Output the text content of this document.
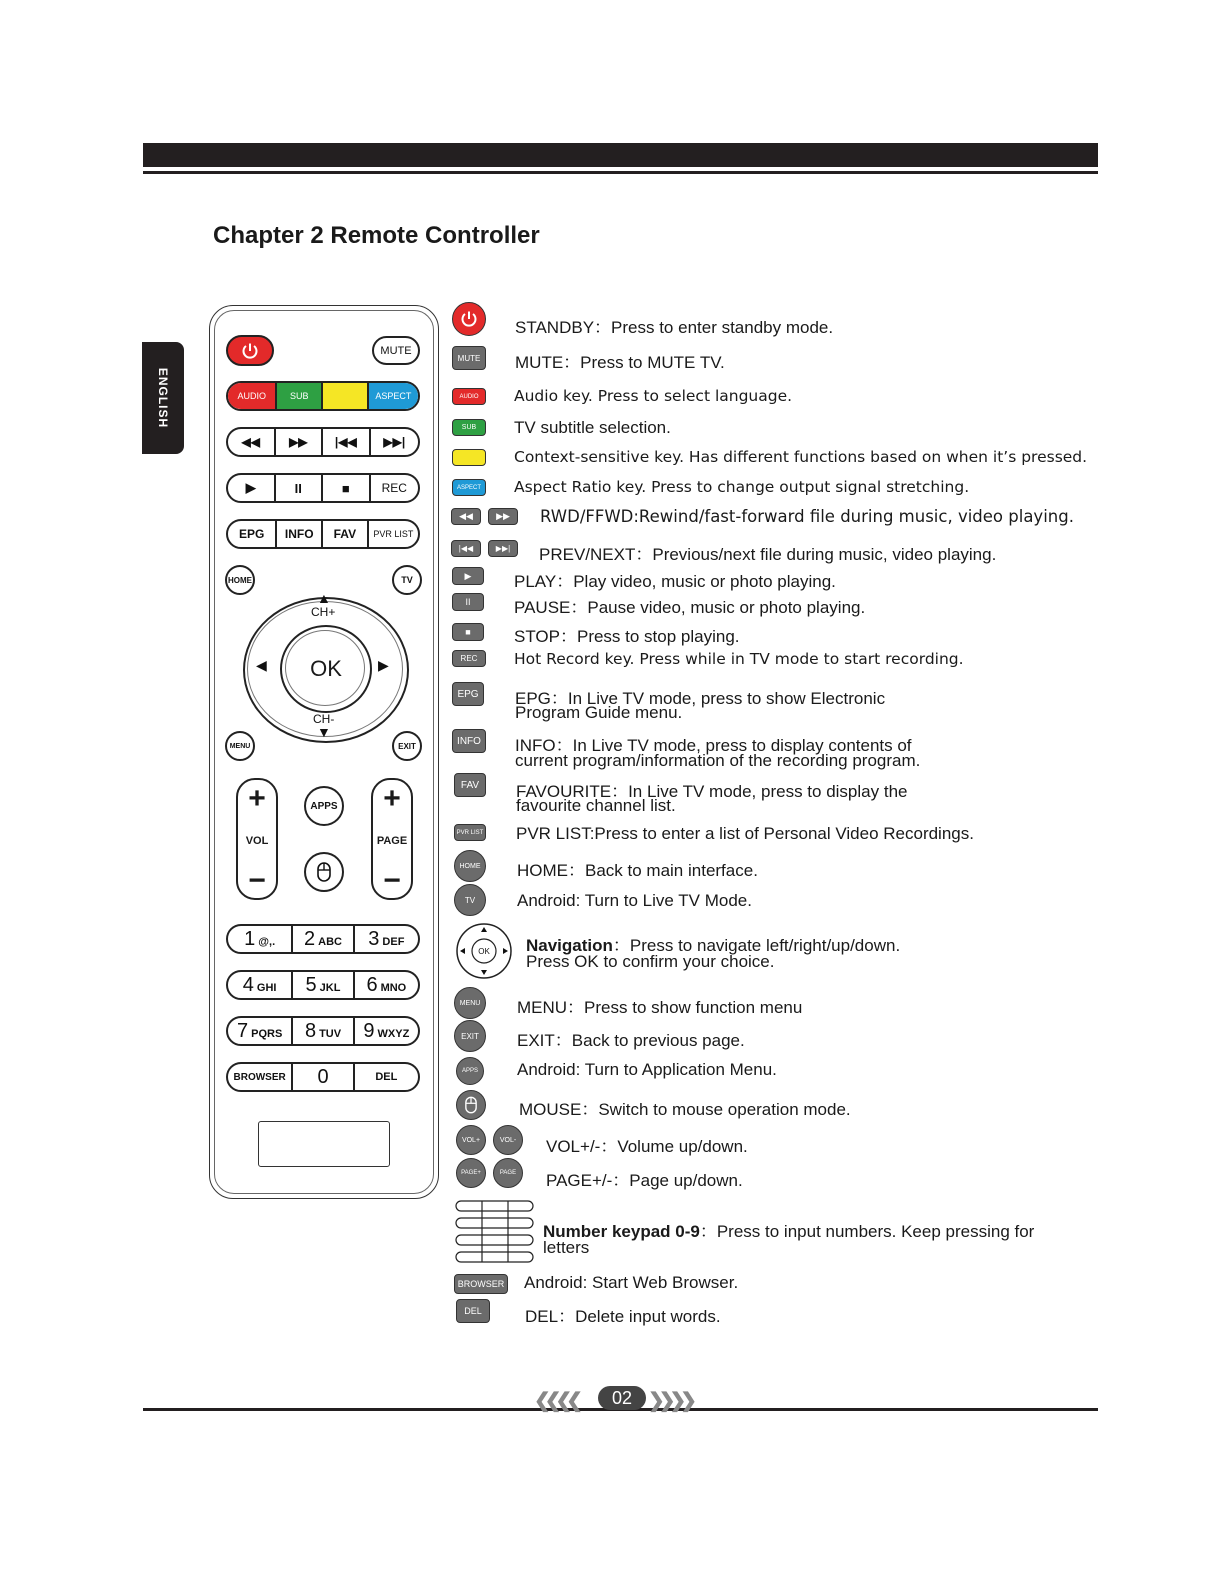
ENGLISH
Chapter 2 Remote Controller
MUTE
AUDIO	SUB	ASPECT
◀◀	▶▶	|◀◀	▶▶|
▶	II	■	REC
EPG	INFO	FAV	PVR LIST
HOME	TV
OK
▲
CH+
CH-
▼
◀	▶
MENU	EXIT
+
VOL
−
+
PAGE
−
APPS
1 @,. 2 ABC 3 DEF
4 GHI 5 JKL 6 MNO
7 PQRS 8 TUV 9 WXYZ
BROWSER	0	DEL
STANDBY：Press to enter standby mode.
MUTE MUTE：Press to MUTE TV.
AUDIO Audio key. Press to select language.
SUB TV subtitle selection.
Context-sensitive key. Has different functions based on when it’s pressed.
ASPECT Aspect Ratio key. Press to change output signal stretching.
◀◀	▶▶	RWD/FFWD:Rewind/fast-forward file during music, video playing.
|◀◀	▶▶|	PREV/NEXT：Previous/next file during music, video playing.
▶	PLAY：Play video, music or photo playing.
II	PAUSE：Pause video, music or photo playing.
■	STOP：Press to stop playing.
REC Hot Record key. Press while in TV mode to start recording.
EPG EPG：In Live TV mode, press to show Electronic
Program Guide menu.
INFO INFO：In Live TV mode, press to display contents of
current program/information of the recording program.
FAV FAVOURITE：In Live TV mode, press to display the
favourite channel list.
PVR LIST PVR LIST:Press to enter a list of Personal Video Recordings.
HOME HOME：Back to main interface.
TV Android: Turn to Live TV Mode.
OK Navigation：Press to navigate left/right/up/down.
Press OK to confirm your choice.
MENU MENU：Press to show function menu
EXIT EXIT：Back to previous page.
APPS Android: Turn to Application Menu.
MOUSE：Switch to mouse operation mode.
VOL+	VOL- VOL+/-：Volume up/down.
PAGE+	PAGE PAGE+/-：Page up/down.
Number keypad 0-9：Press to input numbers. Keep pressing for
letters
BROWSER Android: Start Web Browser.
DEL	DEL：Delete input words.
❮❮❮❮	02 ❯❯❯❯
